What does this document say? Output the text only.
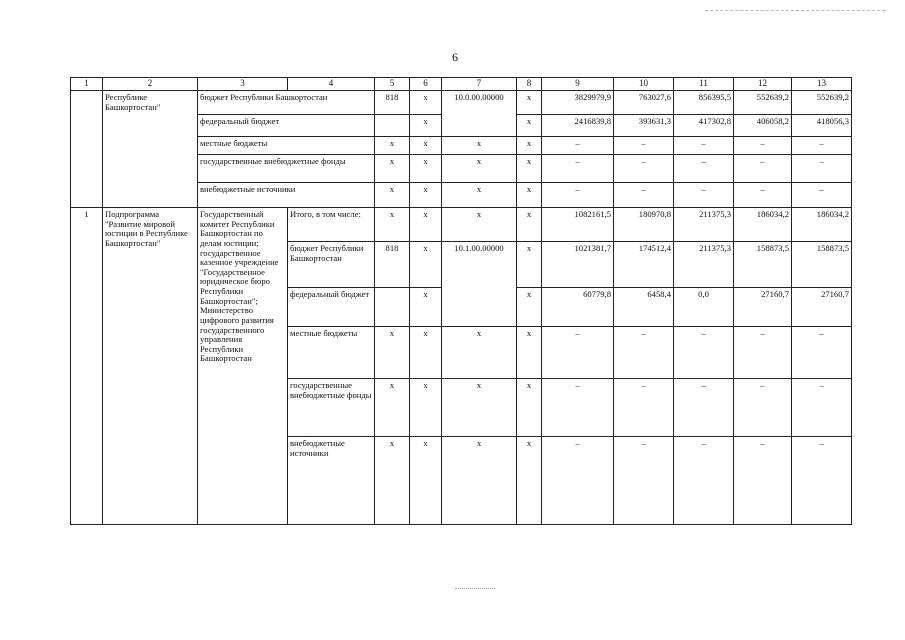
6
1	2	3	4	5	6	7	8	9	10	11	12	13
	Республике Башкортостан"	бюджет Республики Башкортостан		818	х	10.0.00.00000	х	3829979,9	763027,6	856395,5	552639,2	552639,2
		федеральный бюджет			х		х	2416839,8	393631,3	417302,8	406058,2	418056,3
		местные бюджеты		х	х	х	х	–	–	–	–	–
		государственные внебюджетные фонды		х	х	х	х	–	–	–	–	–
		внебюджетные источники		х	х	х	х	–	–	–	–	–
1	Подпрограмма "Развитие мировой юстиции в Республике Башкортостан"	Государственный комитет Республики Башкортостан по делам юстиции; государственное казенное учреждение "Государственное юридическое бюро Республики Башкортостан"; Министерство цифрового развития государственного управления Республики Башкортостан	Итого, в том числе:	х	х	х	х	1082161,5	180970,8	211375,3	186034,2	186034,2
			бюджет Республики Башкортостан	818	х	10.1.00.00000	х	1021381,7	174512,4	211375,3	158873,5	158873,5
			федеральный бюджет		х		х	60779,8	6458,4	0,0	27160,7	27160,7
			местные бюджеты	х	х	х	х	–	–	–	–	–
			государственные внебюджетные фонды	х	х	х	х	–	–	–	–	–
			внебюджетные источники	х	х	х	х	–	–	–	–	–
